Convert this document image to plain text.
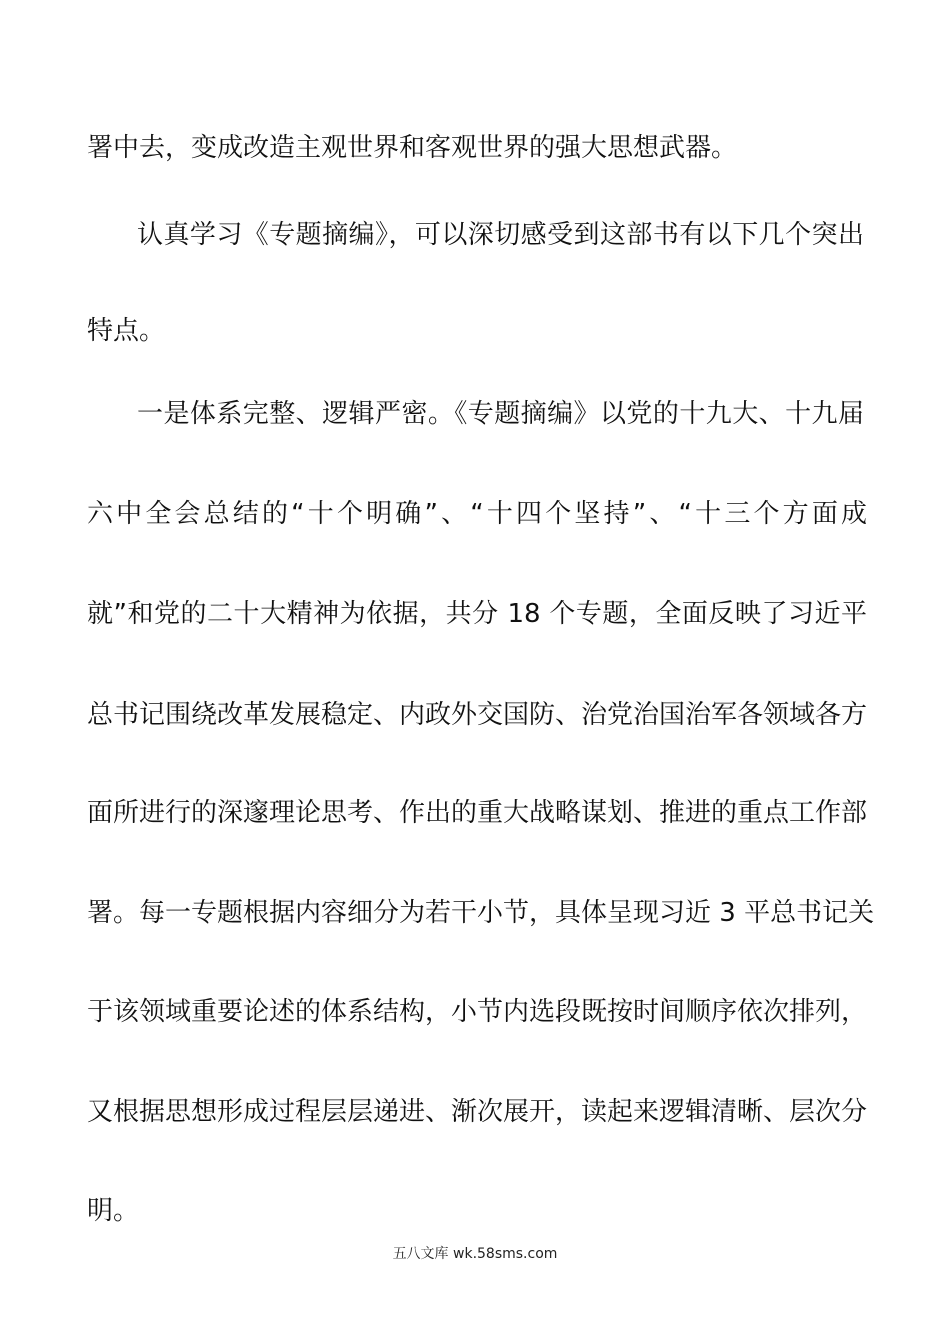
署中去，变成改造主观世界和客观世界的强大思想武器。

认真学习《专题摘编》，可以深切感受到这部书有以下几个突出

特点。

一是体系完整、逻辑严密。《专题摘编》以党的十九大、十九届

六中全会总结的“十个明确”、“十四个坚持”、“十三个方面成

就”和党的二十大精神为依据，共分 18 个专题，全面反映了习近平

总书记围绕改革发展稳定、内政外交国防、治党治国治军各领域各方

面所进行的深邃理论思考、作出的重大战略谋划、推进的重点工作部

署。每一专题根据内容细分为若干小节，具体呈现习近 3 平总书记关

于该领域重要论述的体系结构，小节内选段既按时间顺序依次排列，

又根据思想形成过程层层递进、渐次展开，读起来逻辑清晰、层次分

明。

五八文库 wk.58sms.com
